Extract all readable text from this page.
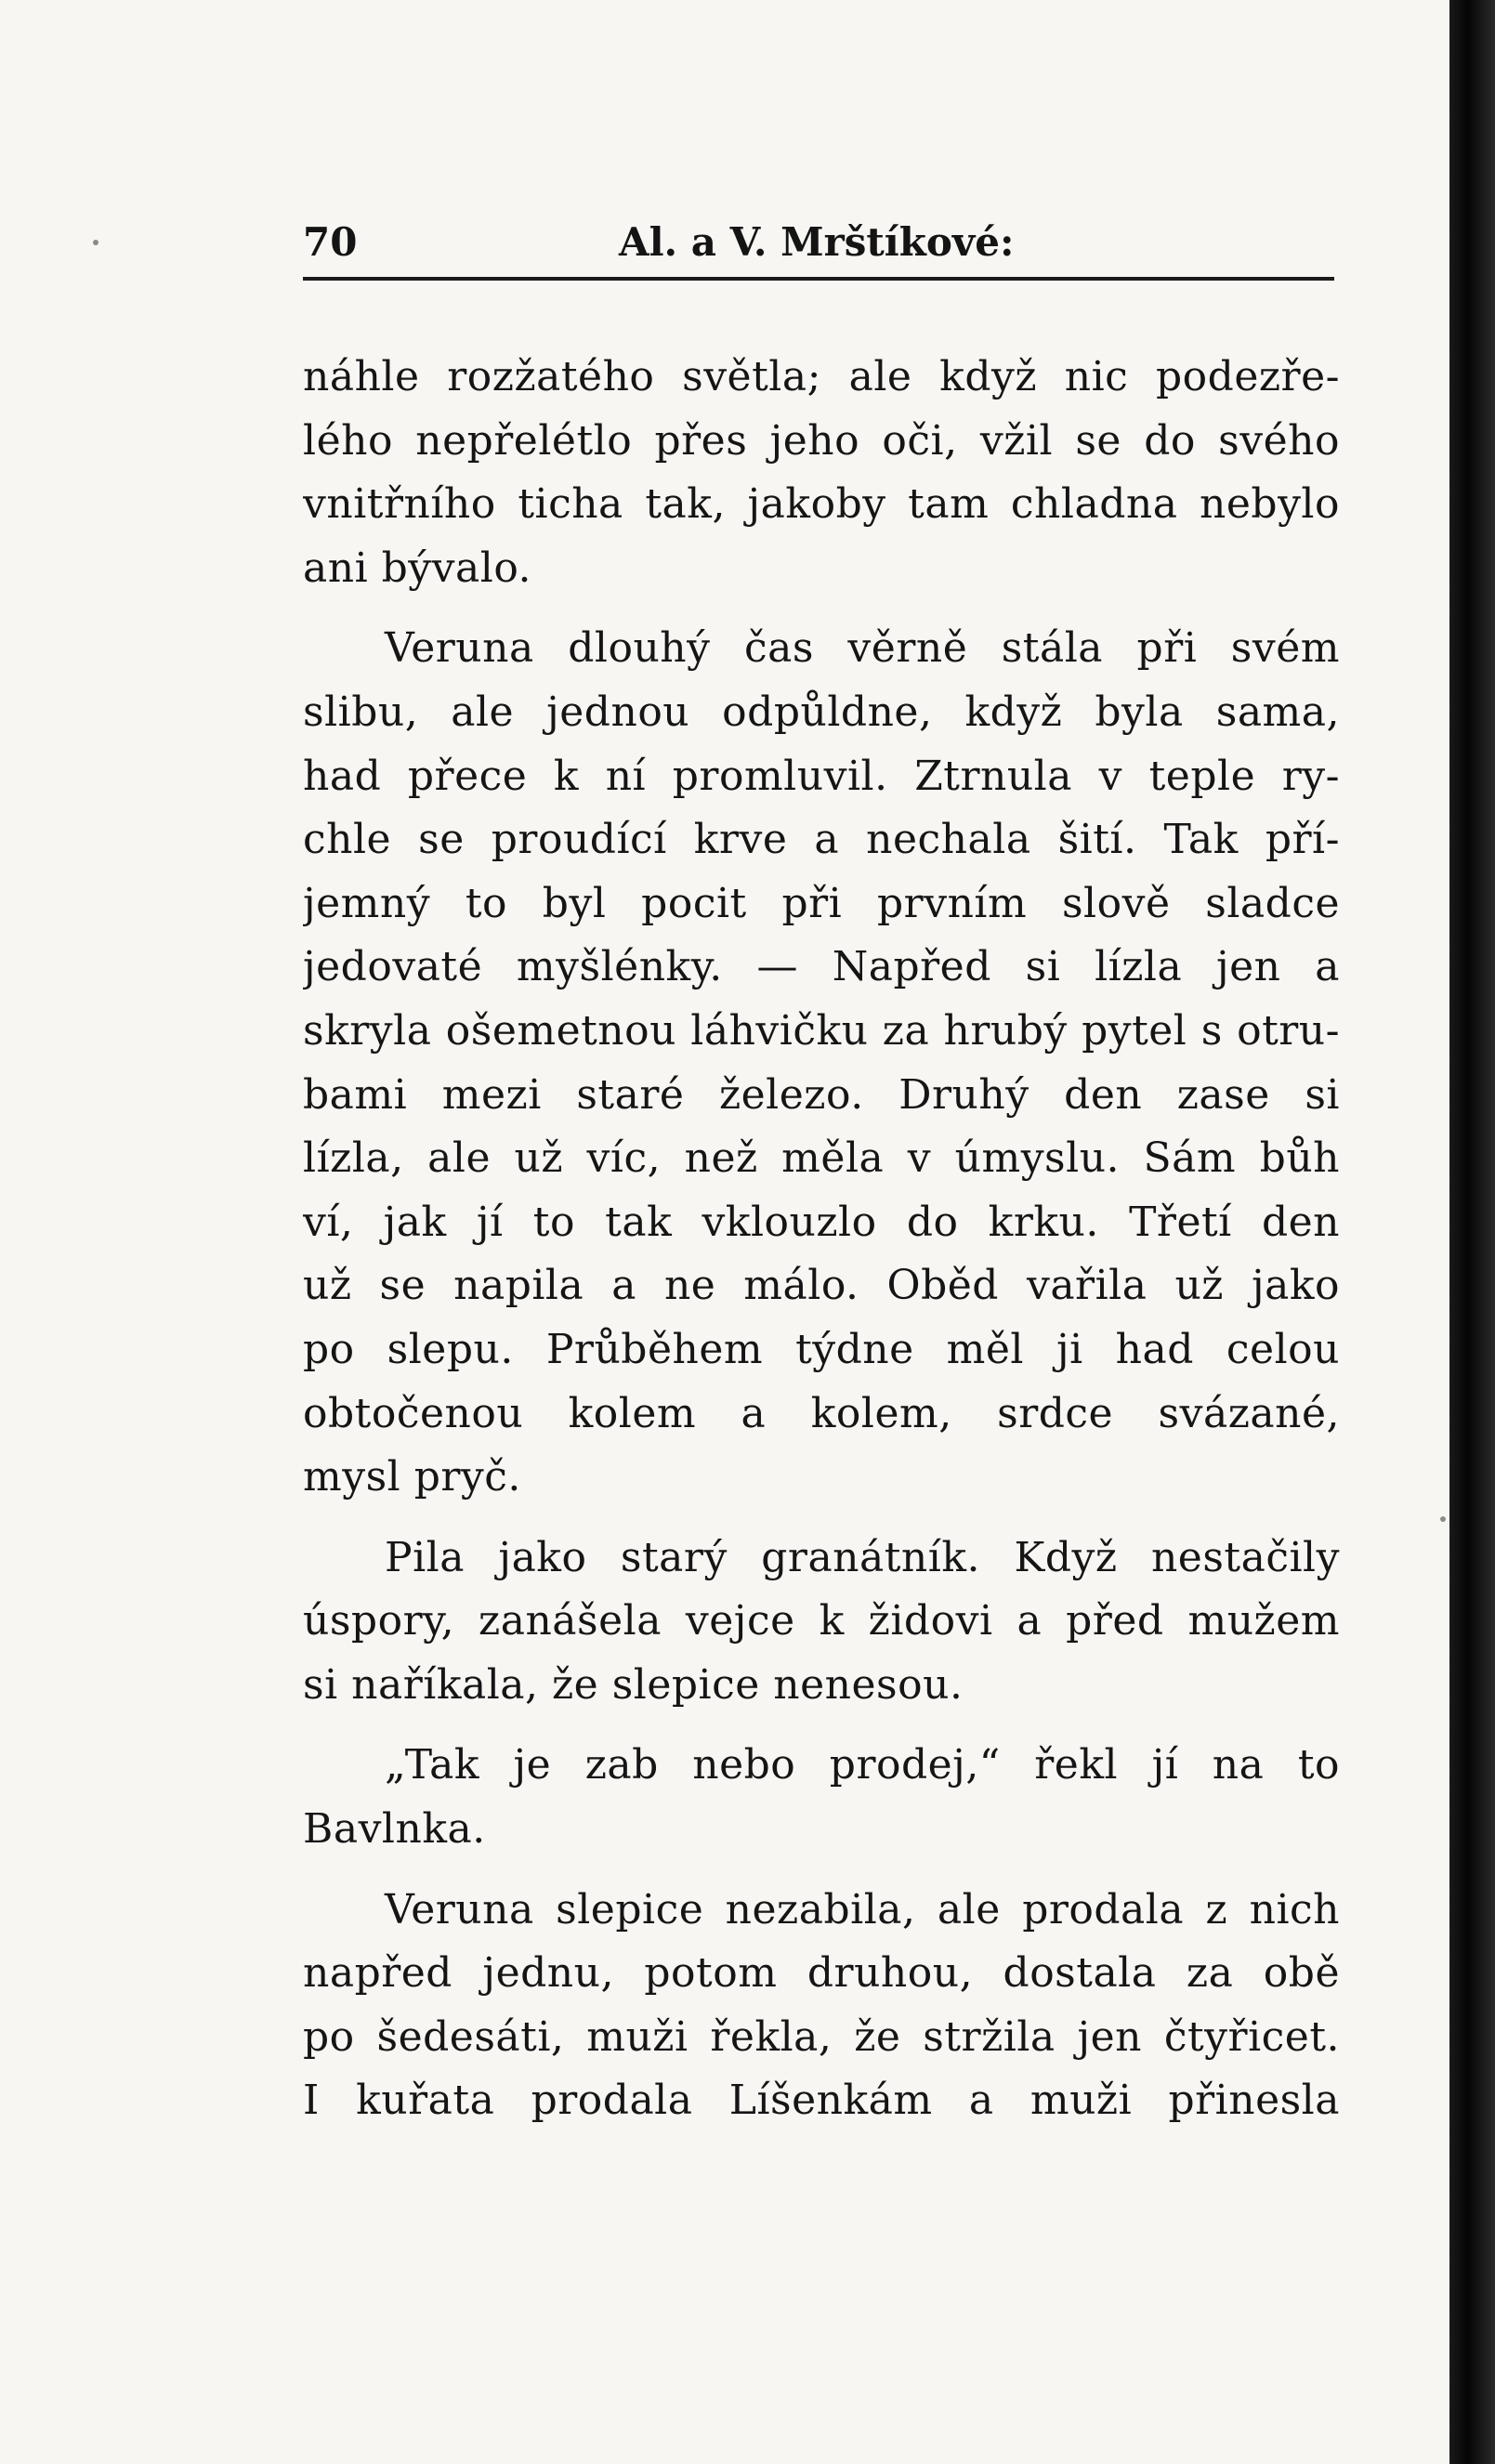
70	Al. a V. Mrštíkové:
náhle rozžatého světla; ale když nic podezře-
lého nepřelétlo přes jeho oči, vžil se do svého
vnitřního ticha tak, jakoby tam chladna nebylo
ani bývalo.
Veruna dlouhý čas věrně stála při svém
slibu, ale jednou odpůldne, když byla sama,
had přece k ní promluvil. Ztrnula v teple ry-
chle se proudící krve a nechala šití. Tak pří-
jemný to byl pocit při prvním slově sladce
jedovaté myšlénky. — Napřed si lízla jen a
skryla ošemetnou láhvičku za hrubý pytel s otru-
bami mezi staré železo. Druhý den zase si
lízla, ale už víc, než měla v úmyslu. Sám bůh
ví, jak jí to tak vklouzlo do krku. Třetí den
už se napila a ne málo. Oběd vařila už jako
po slepu. Průběhem týdne měl ji had celou
obtočenou kolem a kolem, srdce svázané,
mysl pryč.
Pila jako starý granátník. Když nestačily
úspory, zanášela vejce k židovi a před mužem
si naříkala, že slepice nenesou.
„Tak je zab nebo prodej,“ řekl jí na to
Bavlnka.
Veruna slepice nezabila, ale prodala z nich
napřed jednu, potom druhou, dostala za obě
po šedesáti, muži řekla, že stržila jen čtyřicet.
I kuřata prodala Líšenkám a muži přinesla
